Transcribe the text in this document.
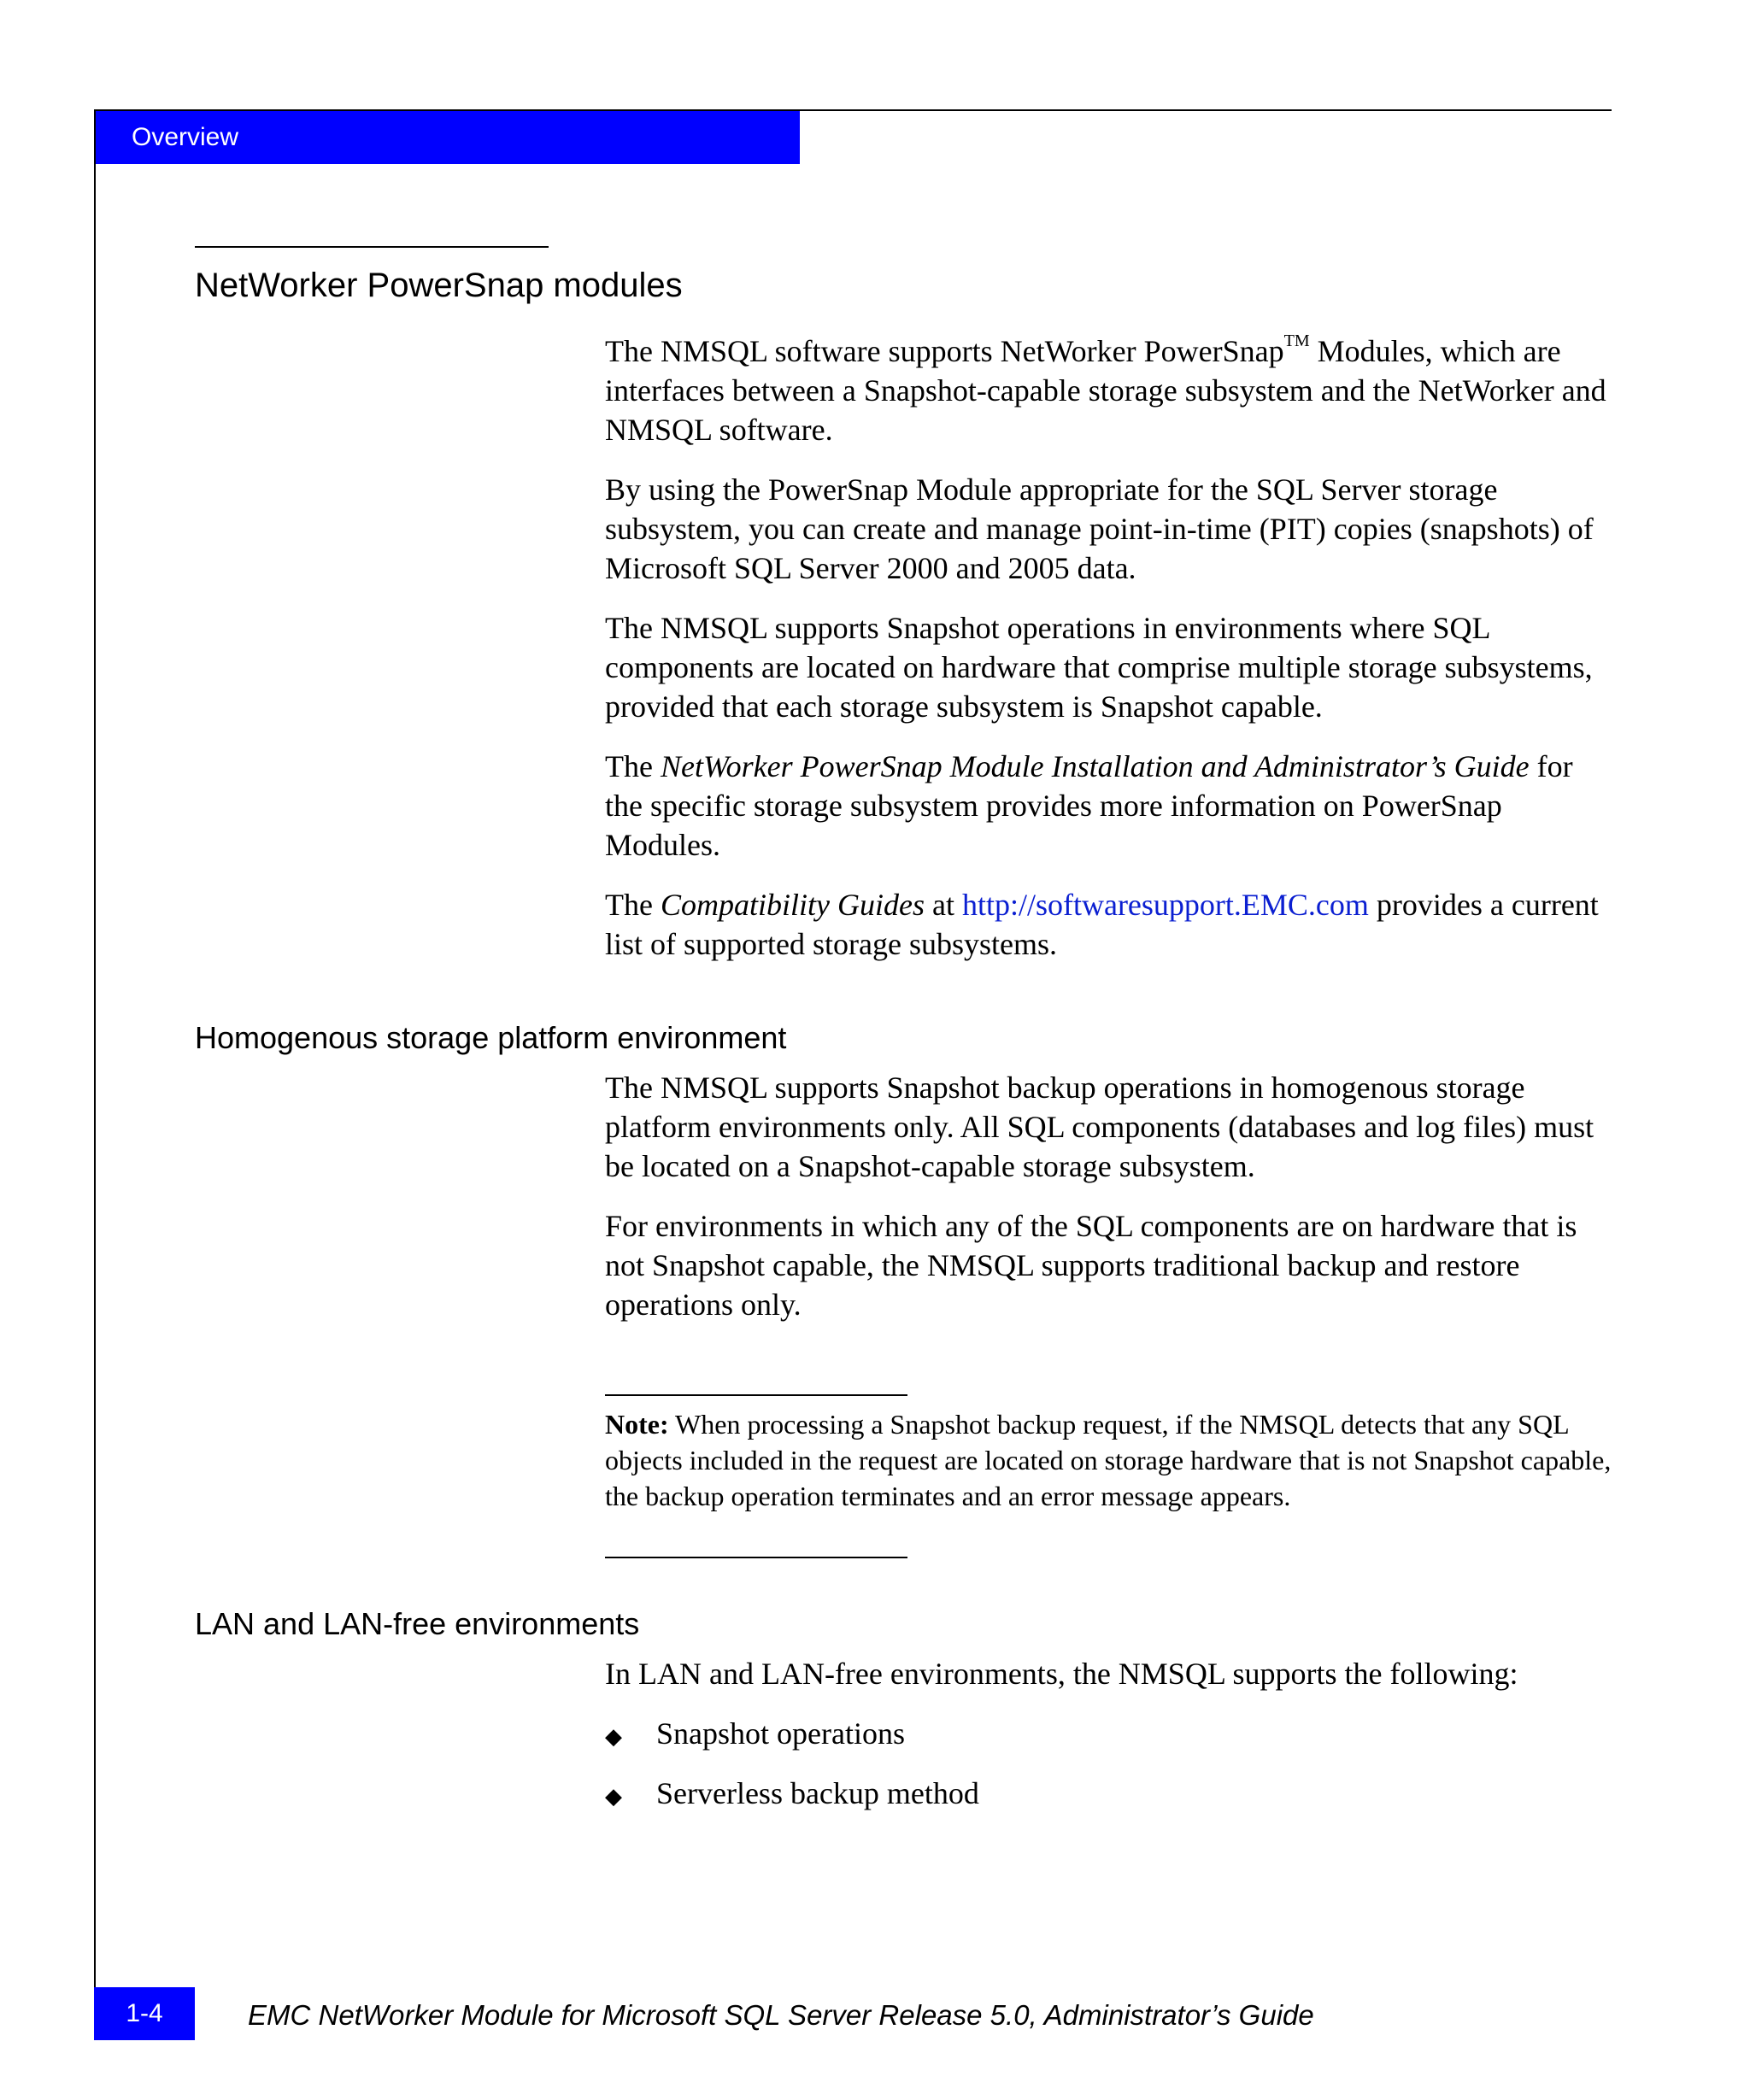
Overview
NetWorker PowerSnap modules

The NMSQL software supports NetWorker PowerSnap™ Modules, which are interfaces between a Snapshot-capable storage subsystem and the NetWorker and NMSQL software.

By using the PowerSnap Module appropriate for the SQL Server storage subsystem, you can create and manage point-in-time (PIT) copies (snapshots) of Microsoft SQL Server 2000 and 2005 data.

The NMSQL supports Snapshot operations in environments where SQL components are located on hardware that comprise multiple storage subsystems, provided that each storage subsystem is Snapshot capable.

The NetWorker PowerSnap Module Installation and Administrator’s Guide for the specific storage subsystem provides more information on PowerSnap Modules.

The Compatibility Guides at http://softwaresupport.EMC.com provides a current list of supported storage subsystems.

Homogenous storage platform environment

The NMSQL supports Snapshot backup operations in homogenous storage platform environments only. All SQL components (databases and log files) must be located on a Snapshot-capable storage subsystem.

For environments in which any of the SQL components are on hardware that is not Snapshot capable, the NMSQL supports traditional backup and restore operations only.

Note: When processing a Snapshot backup request, if the NMSQL detects that any SQL objects included in the request are located on storage hardware that is not Snapshot capable, the backup operation terminates and an error message appears.
LAN and LAN-free environments

In LAN and LAN-free environments, the NMSQL supports the following:

◆	Snapshot operations
◆	Serverless backup method
1-4	EMC NetWorker Module for Microsoft SQL Server Release 5.0, Administrator’s Guide
